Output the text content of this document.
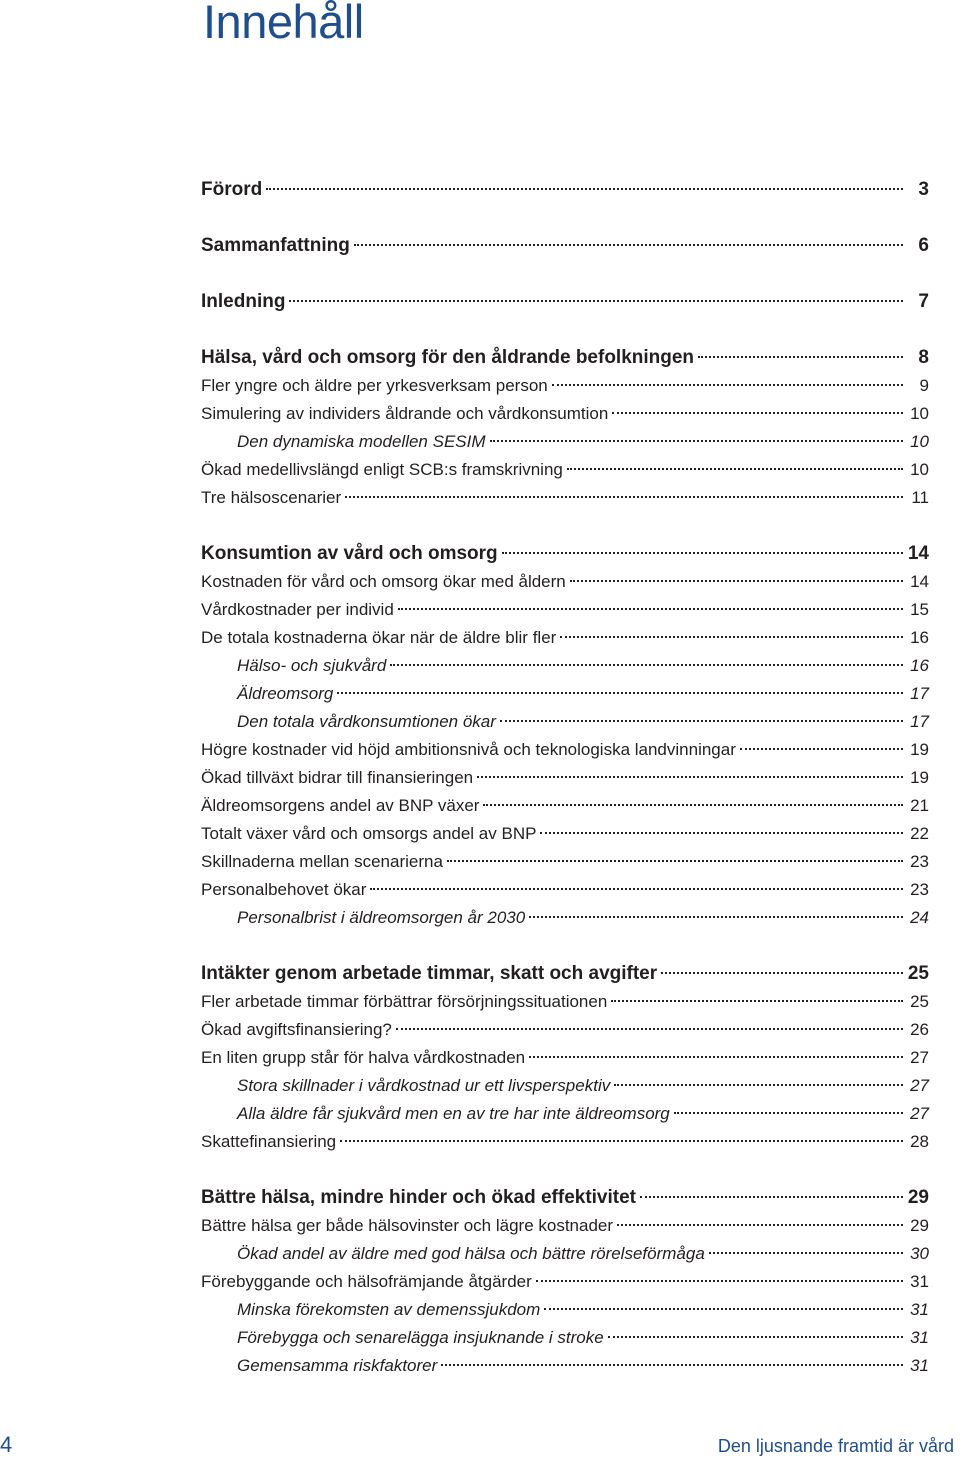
Innehåll
Förord	3
Sammanfattning	6
Inledning	7
Hälsa, vård och omsorg för den åldrande befolkningen	8
Fler yngre och äldre per yrkesverksam person	9
Simulering av individers åldrande och vårdkonsumtion	10
Den dynamiska modellen SESIM	10
Ökad medellivslängd enligt SCB:s framskrivning	10
Tre hälsoscenarier	11
Konsumtion av vård och omsorg	14
Kostnaden för vård och omsorg ökar med åldern	14
Vårdkostnader per individ	15
De totala kostnaderna ökar när de äldre blir fler	16
Hälso- och sjukvård	16
Äldreomsorg	17
Den totala vårdkonsumtionen ökar	17
Högre kostnader vid höjd ambitionsnivå och teknologiska landvinningar	19
Ökad tillväxt bidrar till finansieringen	19
Äldreomsorgens andel av BNP växer	21
Totalt växer vård och omsorgs andel av BNP	22
Skillnaderna mellan scenarierna	23
Personalbehovet ökar	23
Personalbrist i äldreomsorgen år 2030	24
Intäkter genom arbetade timmar, skatt och avgifter	25
Fler arbetade timmar förbättrar försörjningssituationen	25
Ökad avgiftsfinansiering?	26
En liten grupp står för halva vårdkostnaden	27
Stora skillnader i vårdkostnad ur ett livsperspektiv	27
Alla äldre får sjukvård men en av tre har inte äldreomsorg	27
Skattefinansiering	28
Bättre hälsa, mindre hinder och ökad effektivitet	29
Bättre hälsa ger både hälsovinster och lägre kostnader	29
Ökad andel av äldre med god hälsa och bättre rörelseförmåga	30
Förebyggande och hälsofrämjande åtgärder	31
Minska förekomsten av demenssjukdom	31
Förebygga och senarelägga insjuknande i stroke	31
Gemensamma riskfaktorer	31
4	Den ljusnande framtid är vård
